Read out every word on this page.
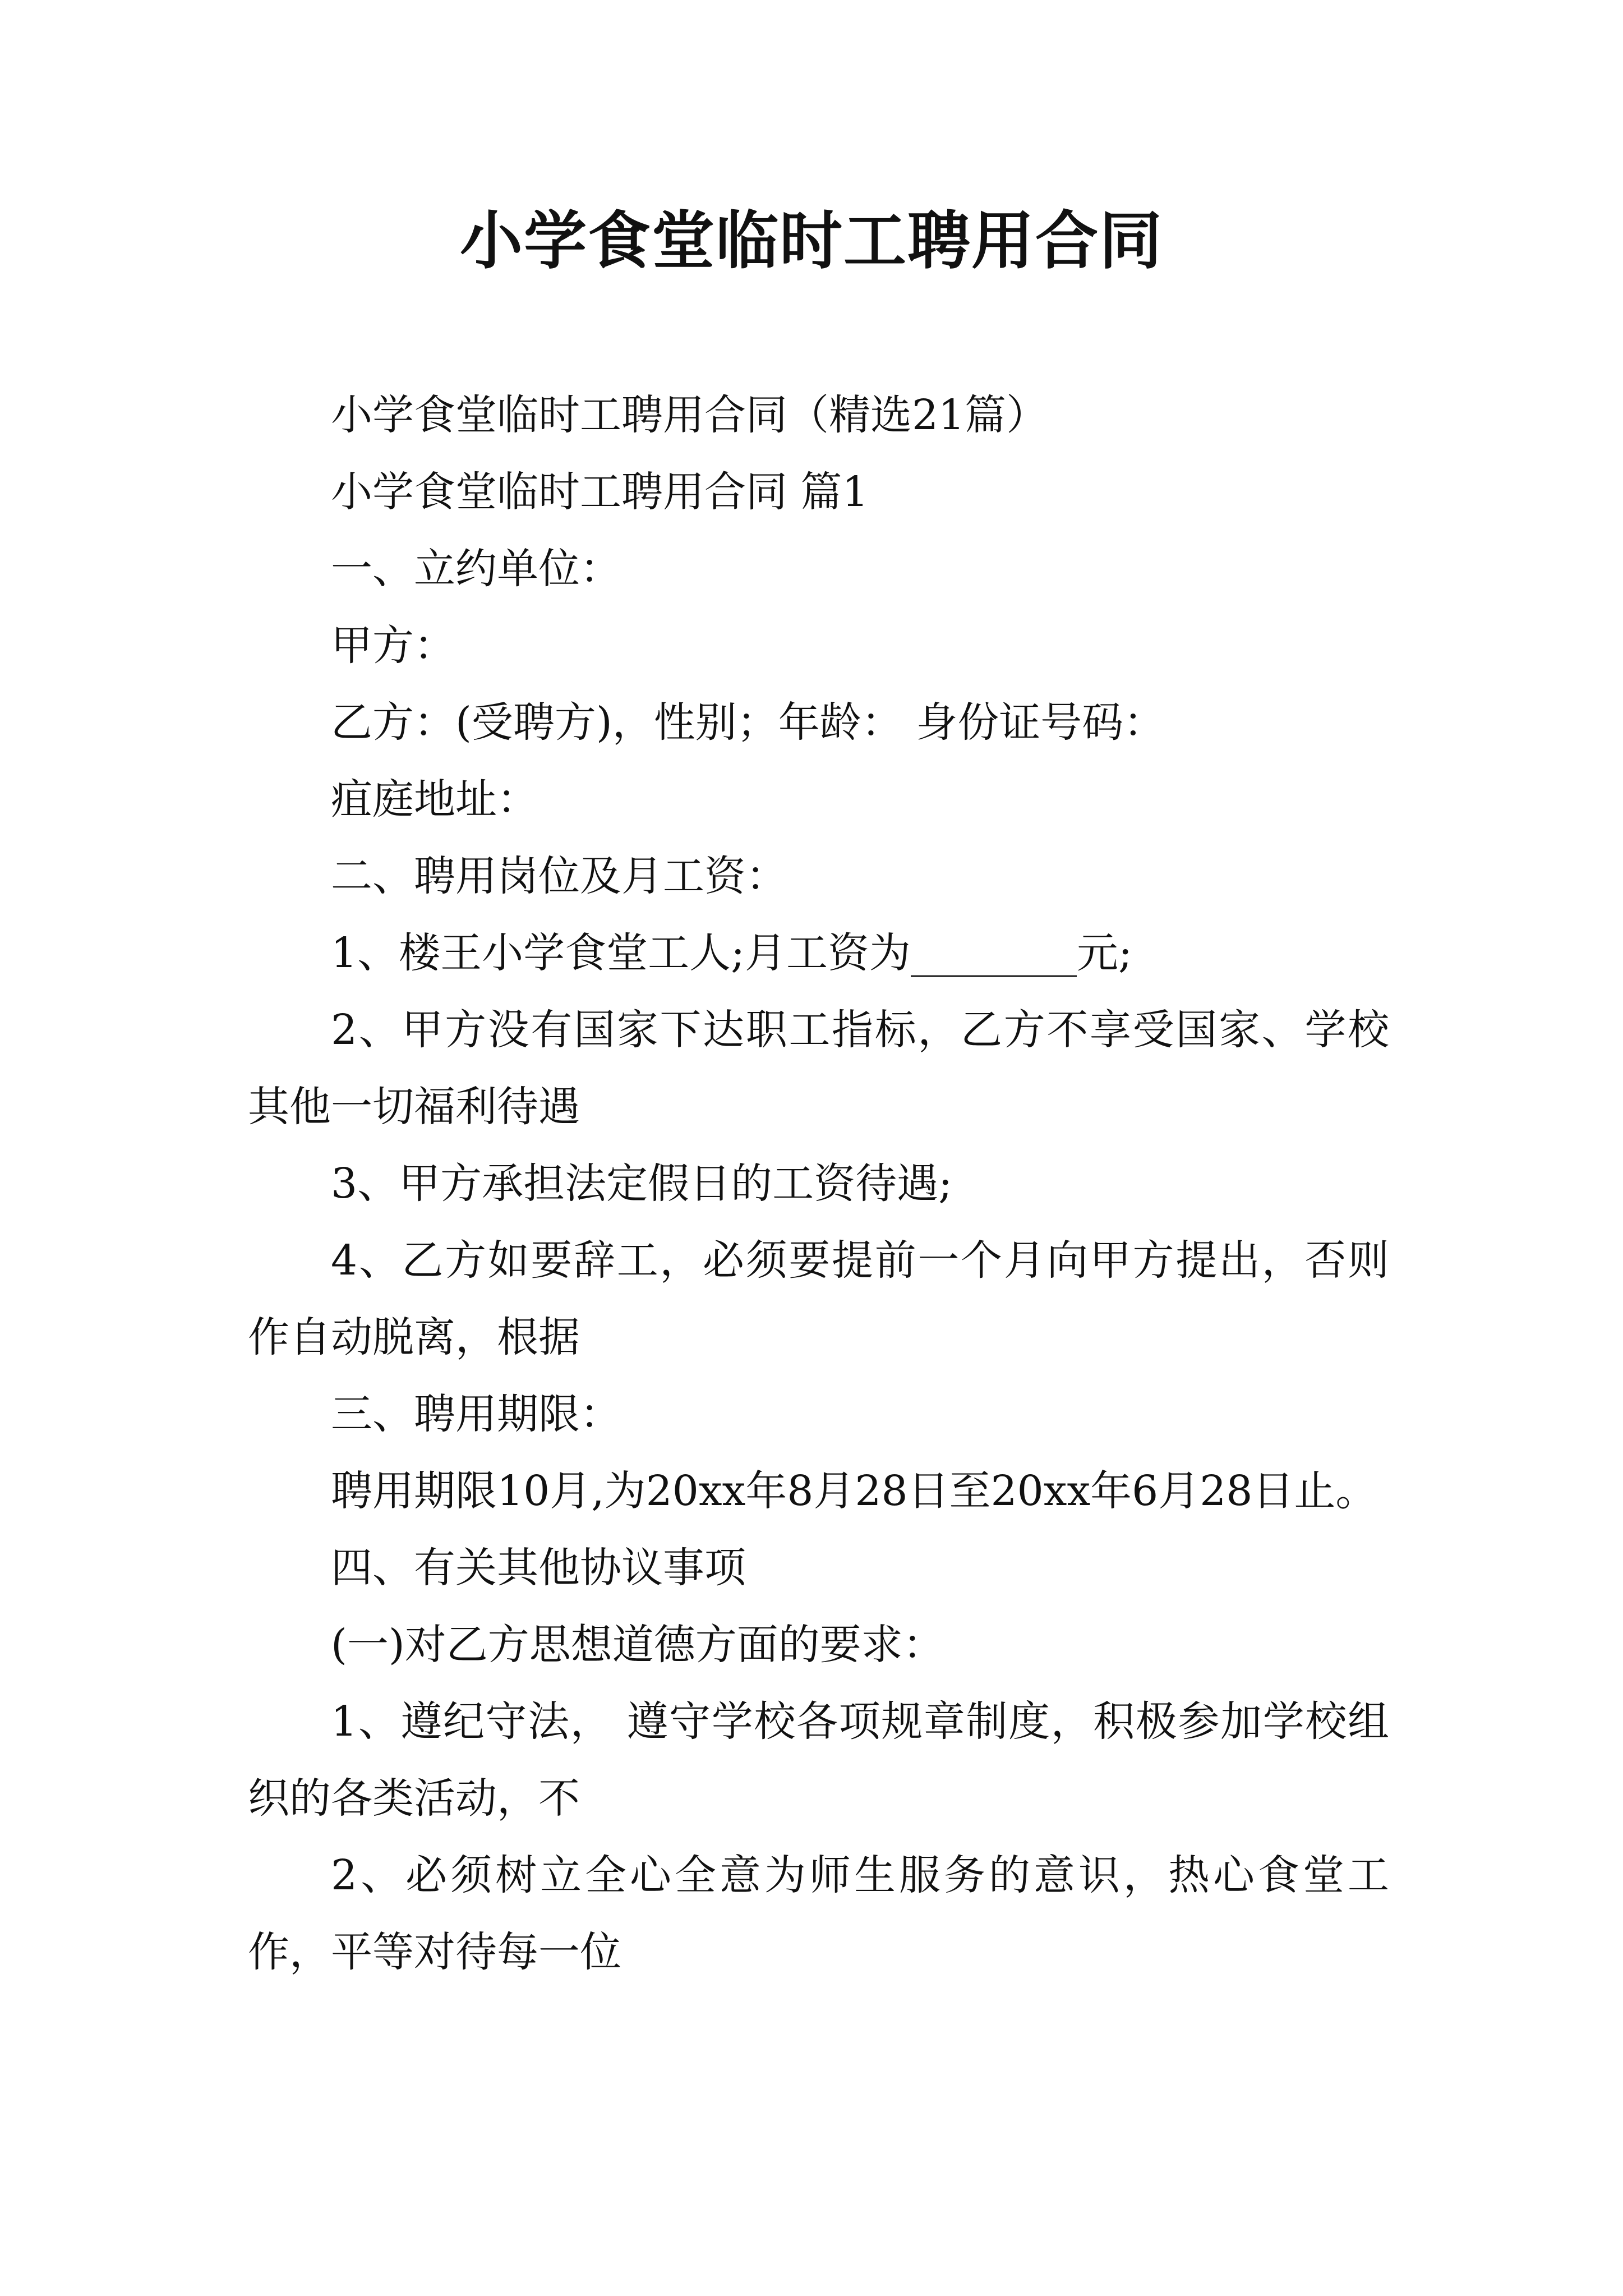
小学食堂临时工聘用合同

小学食堂临时工聘用合同（精选21篇）

小学食堂临时工聘用合同 篇1

一、立约单位：

甲方：

乙方：(受聘方)，性别；年龄： 身份证号码：

疽庭地址：

二、聘用岗位及月工资：

1、楼王小学食堂工人;月工资为________元;

2、甲方没有国家下达职工指标，乙方不享受国家、学校其他一切福利待遇

3、甲方承担法定假日的工资待遇;

4、乙方如要辞工，必须要提前一个月向甲方提出，否则作自动脱离，根据

三、聘用期限：

聘用期限10月,为20xx年8月28日至20xx年6月28日止。

四、有关其他协议事项

(一)对乙方思想道德方面的要求：

1、遵纪守法， 遵守学校各项规章制度，积极参加学校组织的各类活动，不

2、必须树立全心全意为师生服务的意识，热心食堂工作，平等对待每一位
